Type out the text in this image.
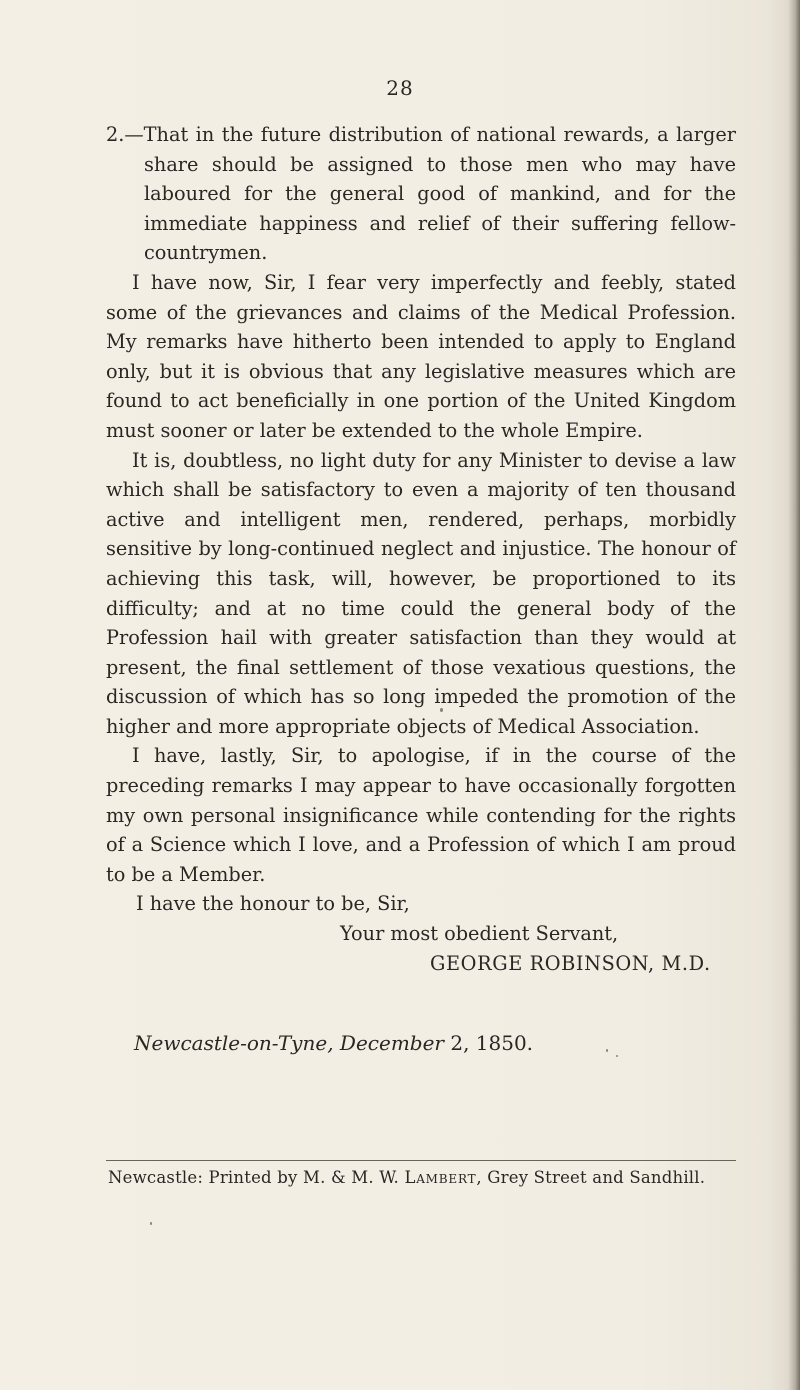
28

2.—That in the future distribution of national rewards, a larger share should be assigned to those men who may have laboured for the general good of mankind, and for the immediate happiness and relief of their suffering fellow-countrymen.

I have now, Sir, I fear very imperfectly and feebly, stated some of the grievances and claims of the Medical Profession. My remarks have hitherto been intended to apply to England only, but it is obvious that any legislative measures which are found to act beneficially in one portion of the United Kingdom must sooner or later be extended to the whole Empire.

It is, doubtless, no light duty for any Minister to devise a law which shall be satisfactory to even a majority of ten thousand active and intelligent men, rendered, perhaps, morbidly sensitive by long-continued neglect and injustice. The honour of achieving this task, will, however, be proportioned to its difficulty; and at no time could the general body of the Profession hail with greater satisfaction than they would at present, the final settlement of those vexatious questions, the discussion of which has so long impeded the promotion of the higher and more appropriate objects of Medical Association.

I have, lastly, Sir, to apologise, if in the course of the preceding remarks I may appear to have occasionally forgotten my own personal insignificance while contending for the rights of a Science which I love, and a Profession of which I am proud to be a Member.

I have the honour to be, Sir,

Your most obedient Servant,

GEORGE ROBINSON, M.D.

Newcastle-on-Tyne, December 2, 1850.
Newcastle: Printed by M. & M. W. Lambert, Grey Street and Sandhill.
